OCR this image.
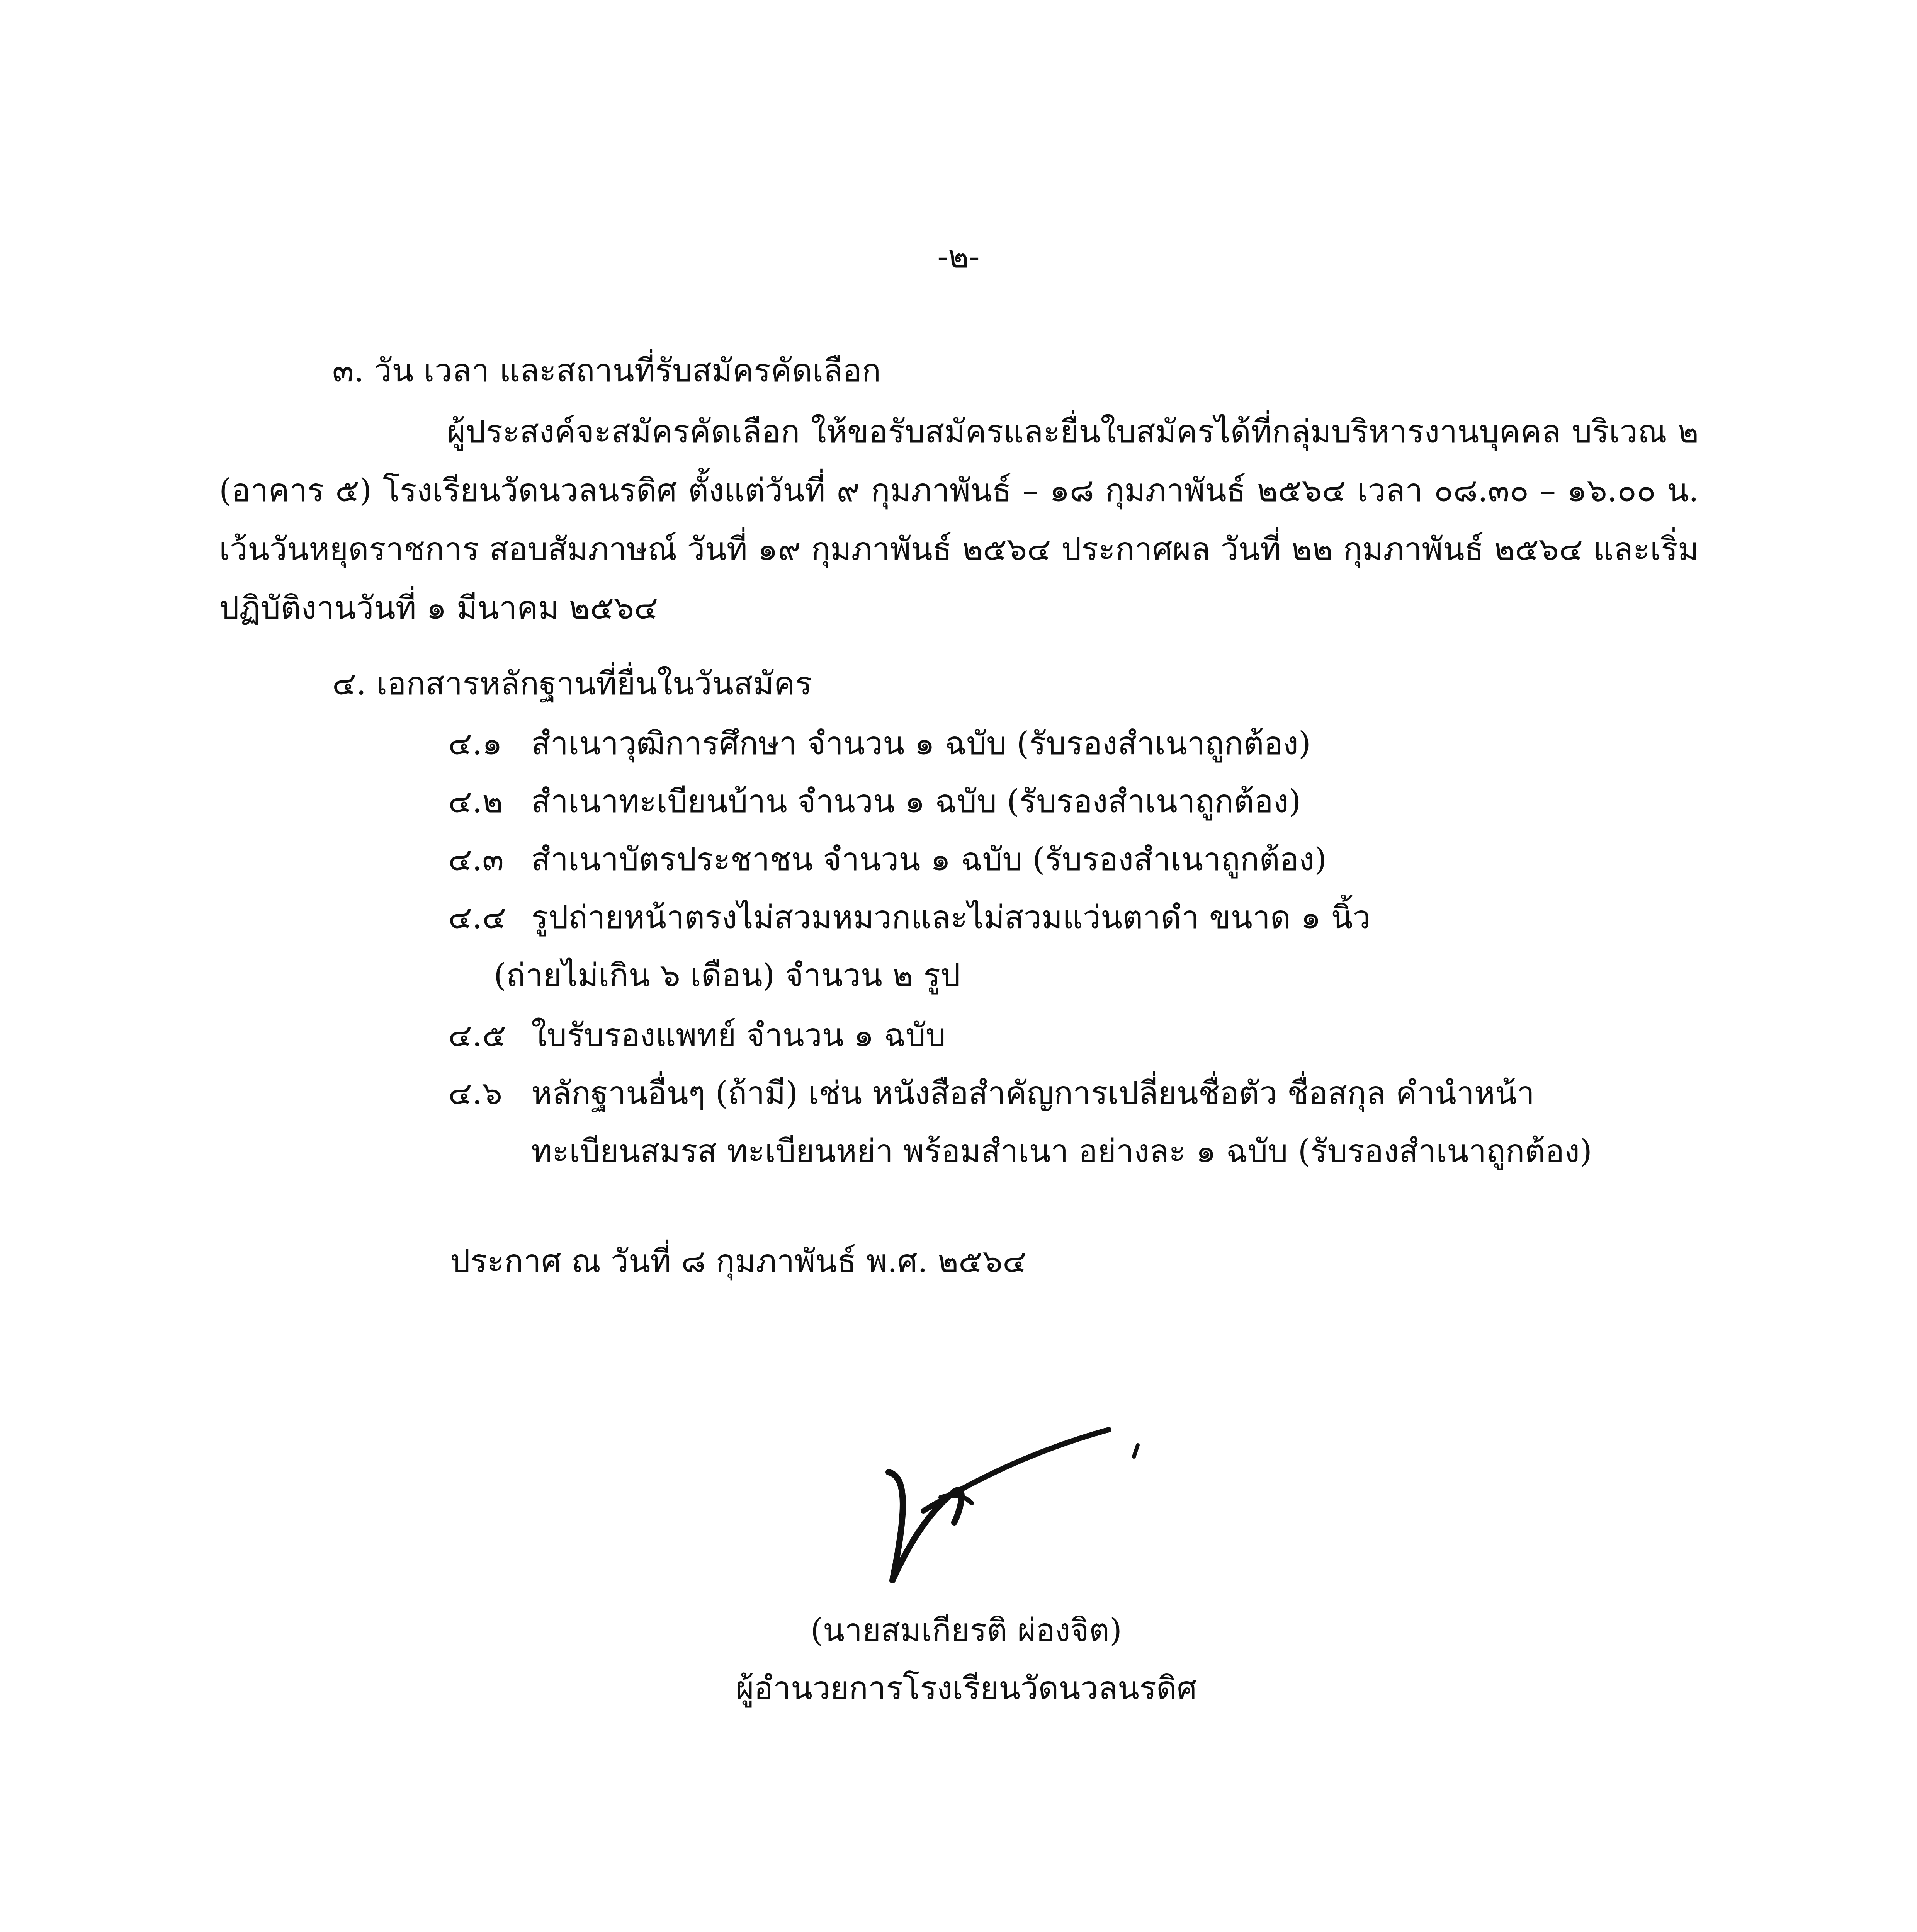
-๒-
๓. วัน เวลา และสถานที่รับสมัครคัดเลือก
ผู้ประสงค์จะสมัครคัดเลือก ให้ขอรับสมัครและยื่นใบสมัครได้ที่กลุ่มบริหารงานบุคคล บริเวณ ๒ (อาคาร ๕) โรงเรียนวัดนวลนรดิศ ตั้งแต่วันที่ ๙ กุมภาพันธ์ – ๑๘ กุมภาพันธ์ ๒๕๖๔ เวลา ๐๘.๓๐ – ๑๖.๐๐ น. เว้นวันหยุดราชการ สอบสัมภาษณ์ วันที่ ๑๙ กุมภาพันธ์ ๒๕๖๔ ประกาศผล วันที่ ๒๒ กุมภาพันธ์ ๒๕๖๔ และเริ่มปฏิบัติงานวันที่ ๑ มีนาคม ๒๕๖๔
๔. เอกสารหลักฐานที่ยื่นในวันสมัคร
๔.๑ สำเนาวุฒิการศึกษา จำนวน ๑ ฉบับ (รับรองสำเนาถูกต้อง)
๔.๒ สำเนาทะเบียนบ้าน จำนวน ๑ ฉบับ (รับรองสำเนาถูกต้อง)
๔.๓ สำเนาบัตรประชาชน จำนวน ๑ ฉบับ (รับรองสำเนาถูกต้อง)
๔.๔ รูปถ่ายหน้าตรงไม่สวมหมวกและไม่สวมแว่นตาดำ ขนาด ๑ นิ้ว
(ถ่ายไม่เกิน ๖ เดือน) จำนวน ๒ รูป
๔.๕ ใบรับรองแพทย์ จำนวน ๑ ฉบับ
๔.๖ หลักฐานอื่นๆ (ถ้ามี) เช่น หนังสือสำคัญการเปลี่ยนชื่อตัว ชื่อสกุล คำนำหน้า
ทะเบียนสมรส ทะเบียนหย่า พร้อมสำเนา อย่างละ ๑ ฉบับ (รับรองสำเนาถูกต้อง)
ประกาศ ณ วันที่ ๘ กุมภาพันธ์ พ.ศ. ๒๕๖๔
(นายสมเกียรติ ผ่องจิต)
ผู้อำนวยการโรงเรียนวัดนวลนรดิศ
